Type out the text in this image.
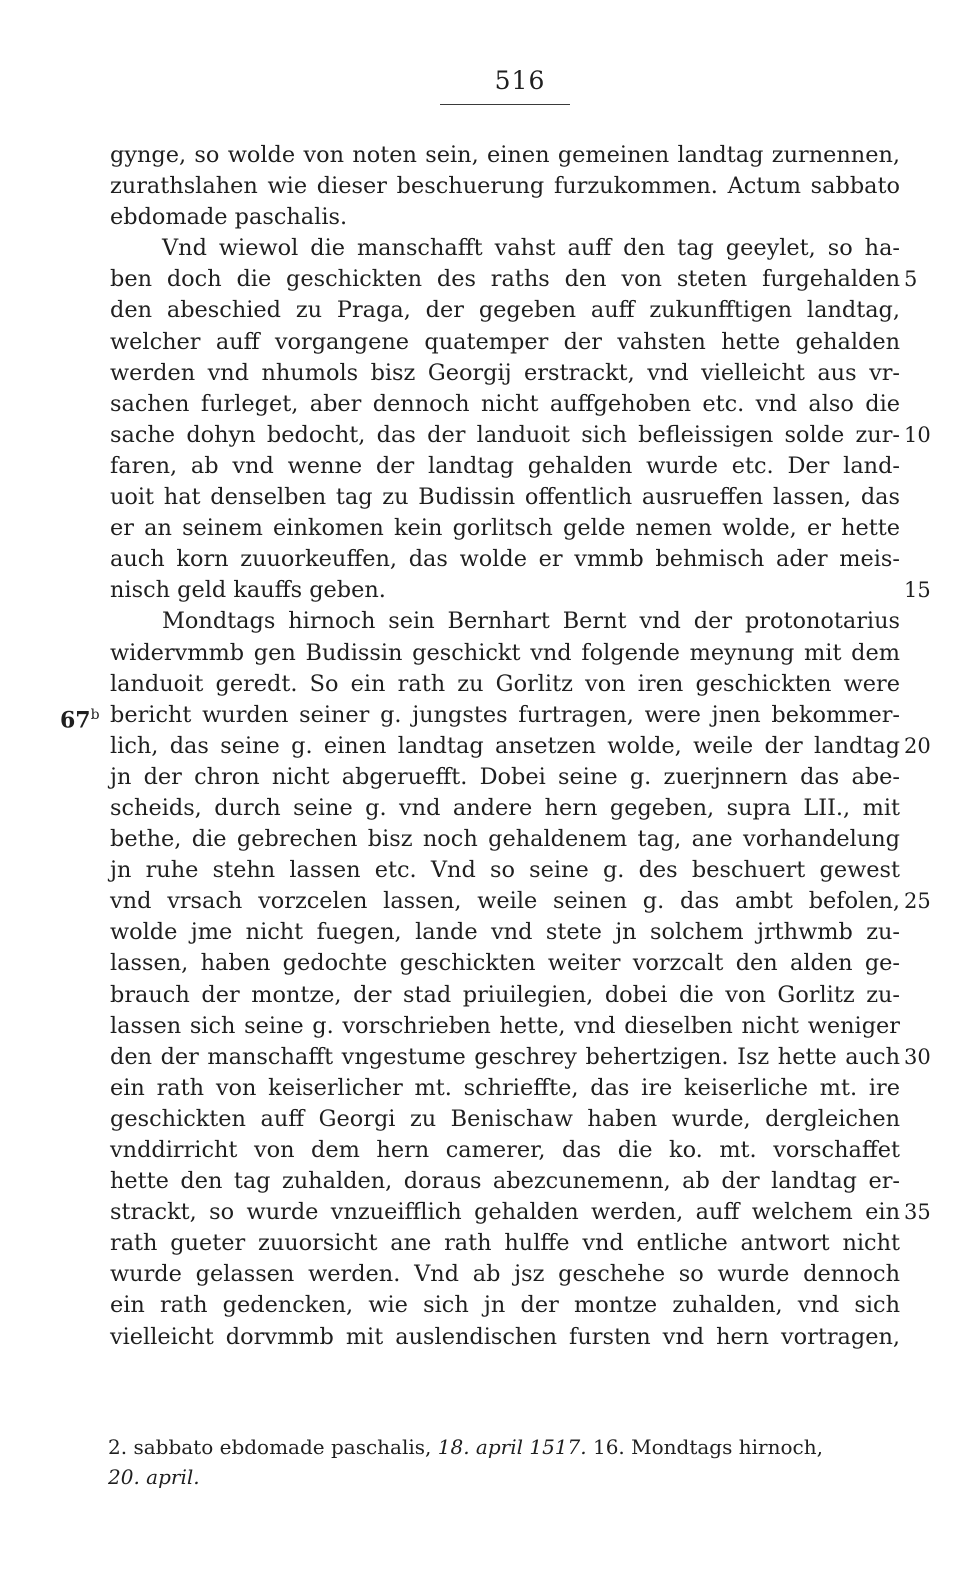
516
gynge, so wolde von noten sein, einen gemeinen landtag zurnennen,
zurathslahen wie dieser beschuerung furzukommen. Actum sabbato
ebdomade paschalis.
Vnd wiewol die manschafft vahst auff den tag geeylet, so ha-
ben doch die geschickten des raths den von steten furgehalden
den abeschied zu Praga, der gegeben auff zukunfftigen landtag,
welcher auff vorgangene quatemper der vahsten hette gehalden
werden vnd nhumols bisz Georgij erstrackt, vnd vielleicht aus vr-
sachen furleget, aber dennoch nicht auffgehoben etc. vnd also die
sache dohyn bedocht, das der landuoit sich befleissigen solde zur-
faren, ab vnd wenne der landtag gehalden wurde etc. Der land-
uoit hat denselben tag zu Budissin offentlich ausrueffen lassen, das
er an seinem einkomen kein gorlitsch gelde nemen wolde, er hette
auch korn zuuorkeuffen, das wolde er vmmb behmisch ader meis-
nisch geld kauffs geben.
Mondtags hirnoch sein Bernhart Bernt vnd der protonotarius
widervmmb gen Budissin geschickt vnd folgende meynung mit dem
landuoit geredt. So ein rath zu Gorlitz von iren geschickten were
bericht wurden seiner g. jungstes furtragen, were jnen bekommer-
lich, das seine g. einen landtag ansetzen wolde, weile der landtag
jn der chron nicht abgeruefft. Dobei seine g. zuerjnnern das abe-
scheids, durch seine g. vnd andere hern gegeben, supra LII., mit
bethe, die gebrechen bisz noch gehaldenem tag, ane vorhandelung
jn ruhe stehn lassen etc. Vnd so seine g. des beschuert gewest
vnd vrsach vorzcelen lassen, weile seinen g. das ambt befolen,
wolde jme nicht fuegen, lande vnd stete jn solchem jrthwmb zu-
lassen, haben gedochte geschickten weiter vorzcalt den alden ge-
brauch der montze, der stad priuilegien, dobei die von Gorlitz zu-
lassen sich seine g. vorschrieben hette, vnd dieselben nicht weniger
den der manschafft vngestume geschrey behertzigen. Isz hette auch
ein rath von keiserlicher mt. schrieffte, das ire keiserliche mt. ire
geschickten auff Georgi zu Benischaw haben wurde, dergleichen
vnddirricht von dem hern camerer, das die ko. mt. vorschaffet
hette den tag zuhalden, doraus abezcunemenn, ab der landtag er-
strackt, so wurde vnzueifflich gehalden werden, auff welchem ein
rath gueter zuuorsicht ane rath hulffe vnd entliche antwort nicht
wurde gelassen werden. Vnd ab jsz geschehe so wurde dennoch
ein rath gedencken, wie sich jn der montze zuhalden, vnd sich
vielleicht dorvmmb mit auslendischen fursten vnd hern vortragen,
5
10
15
20
25
30
35
67$^b$
2. sabbato ebdomade paschalis, 18. april 1517. 16. Mondtags hirnoch,
20. april.
